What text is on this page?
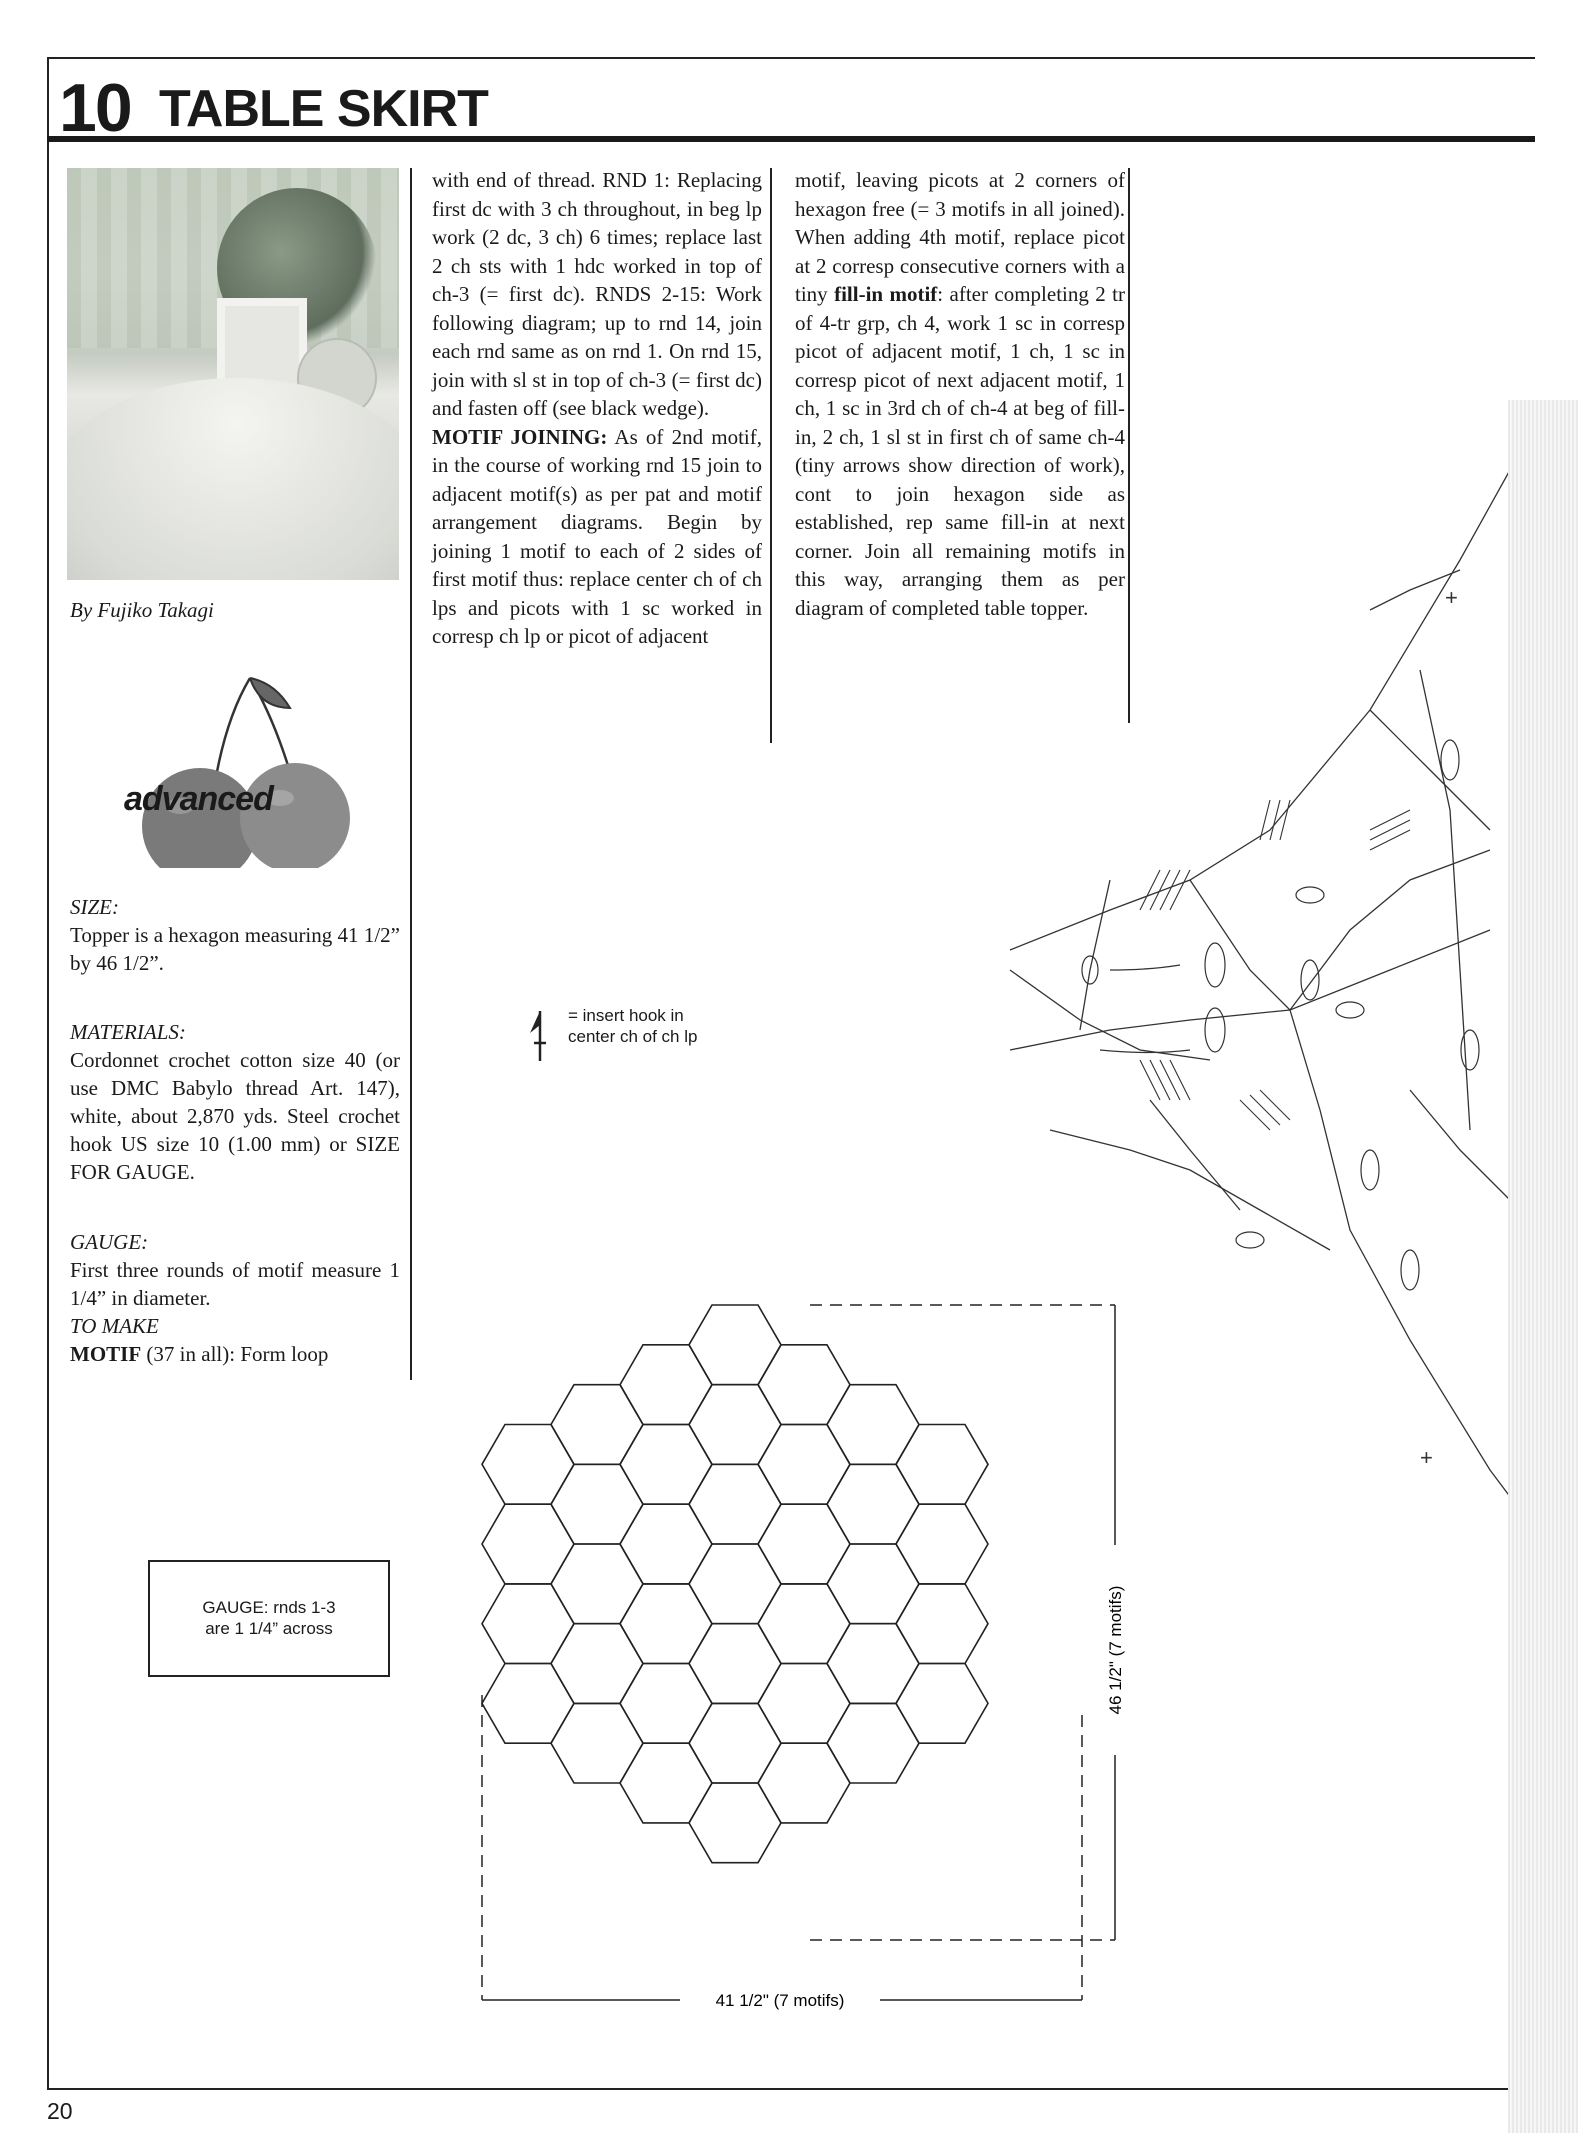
10 TABLE SKIRT
By Fujiko Takagi
advanced
SIZE:

Topper is a hexagon measuring 41 1/2” by 46 1/2”.

MATERIALS:

Cordonnet crochet cotton size 40 (or use DMC Babylo thread Art. 147), white, about 2,870 yds. Steel crochet hook US size 10 (1.00 mm) or SIZE FOR GAUGE.

GAUGE:

First three rounds of motif measure 1 1/4” in diameter.

TO MAKE

MOTIF (37 in all): Form loop

with end of thread. RND 1: Replacing first dc with 3 ch throughout, in beg lp work (2 dc, 3 ch) 6 times; replace last 2 ch sts with 1 hdc worked in top of ch-3 (= first dc). RNDS 2-15: Work following diagram; up to rnd 14, join each rnd same as on rnd 1. On rnd 15, join with sl st in top of ch-3 (= first dc) and fasten off (see black wedge).

MOTIF JOINING: As of 2nd motif, in the course of working rnd 15 join to adjacent motif(s) as per pat and motif arrangement diagrams. Begin by joining 1 motif to each of 2 sides of first motif thus: replace center ch of ch lps and picots with 1 sc worked in corresp ch lp or picot of adjacent

motif, leaving picots at 2 corners of hexagon free (= 3 motifs in all joined). When adding 4th motif, replace picot at 2 corresp consecutive corners with a tiny fill-in motif: after completing 2 tr of 4-tr grp, ch 4, work 1 sc in corresp picot of adjacent motif, 1 ch, 1 sc in corresp picot of next adjacent motif, 1 ch, 1 sc in 3rd ch of ch-4 at beg of fill-in, 2 ch, 1 sl st in first ch of same ch-4 (tiny arrows show direction of work), cont to join hexagon side as established, rep same fill-in at next corner. Join all remaining motifs in this way, arranging them as per diagram of completed table topper.

= insert hook in
center ch of ch lp
GAUGE: rnds 1-3
are 1 1/4” across
41 1/2" (7 motifs)
46 1/2" (7 motifs)
+
+
20
